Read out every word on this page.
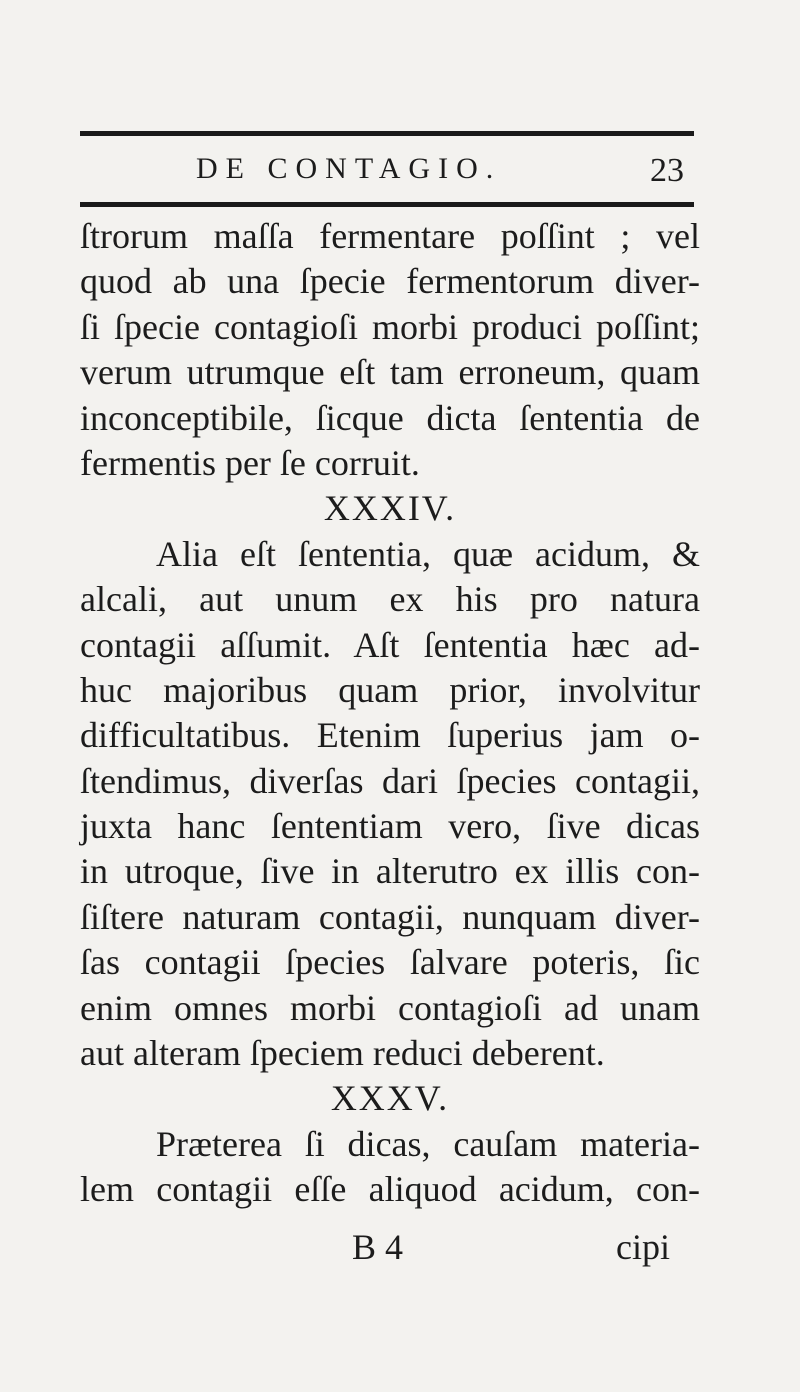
DE CONTAGIO.	23
ſtrorum maſſa fermentare poſſint ; vel
quod ab una ſpecie fermentorum diver-
ſi ſpecie contagioſi morbi produci poſſint;
verum utrumque eſt tam erroneum, quam
inconceptibile, ſicque dicta ſententia de
fermentis per ſe corruit.
XXXIV.
Alia eſt ſententia, quæ acidum, &
alcali, aut unum ex his pro natura
contagii aſſumit. Aſt ſententia hæc ad-
huc majoribus quam prior, involvitur
difficultatibus. Etenim ſuperius jam o-
ſtendimus, diverſas dari ſpecies contagii,
juxta hanc ſententiam vero, ſive dicas
in utroque, ſive in alterutro ex illis con-
ſiſtere naturam contagii, nunquam diver-
ſas contagii ſpecies ſalvare poteris, ſic
enim omnes morbi contagioſi ad unam
aut alteram ſpeciem reduci deberent.
XXXV.
Præterea ſi dicas, cauſam materia-
lem contagii eſſe aliquod acidum, con-
B 4	cipi
